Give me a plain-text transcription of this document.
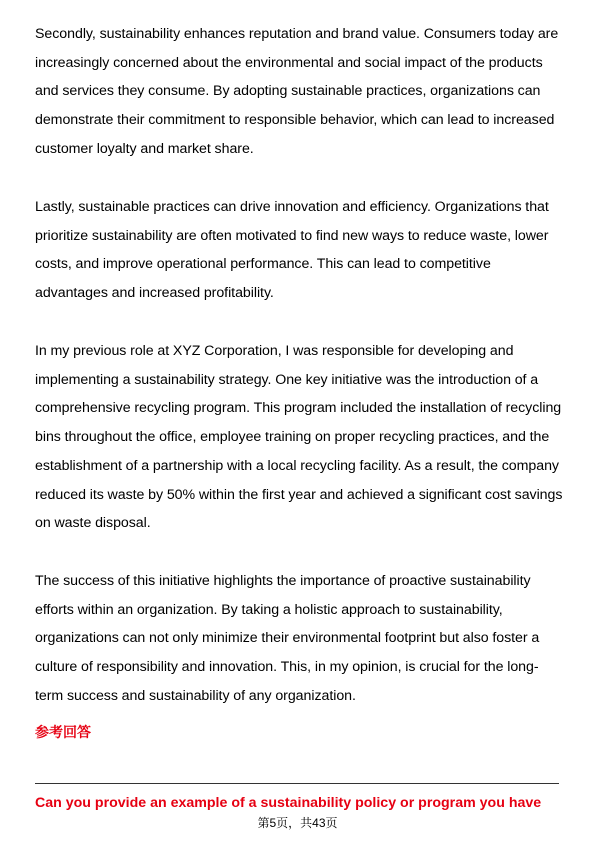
Secondly, sustainability enhances reputation and brand value. Consumers today are increasingly concerned about the environmental and social impact of the products and services they consume. By adopting sustainable practices, organizations can demonstrate their commitment to responsible behavior, which can lead to increased customer loyalty and market share.

Lastly, sustainable practices can drive innovation and efficiency. Organizations that prioritize sustainability are often motivated to find new ways to reduce waste, lower costs, and improve operational performance. This can lead to competitive advantages and increased profitability.

In my previous role at XYZ Corporation, I was responsible for developing and implementing a sustainability strategy. One key initiative was the introduction of a comprehensive recycling program. This program included the installation of recycling bins throughout the office, employee training on proper recycling practices, and the establishment of a partnership with a local recycling facility. As a result, the company reduced its waste by 50% within the first year and achieved a significant cost savings on waste disposal.

The success of this initiative highlights the importance of proactive sustainability efforts within an organization. By taking a holistic approach to sustainability, organizations can not only minimize their environmental footprint but also foster a culture of responsibility and innovation. This, in my opinion, is crucial for the long-term success and sustainability of any organization.

参考回答

Can you provide an example of a sustainability policy or program you have

第5页，共43页
